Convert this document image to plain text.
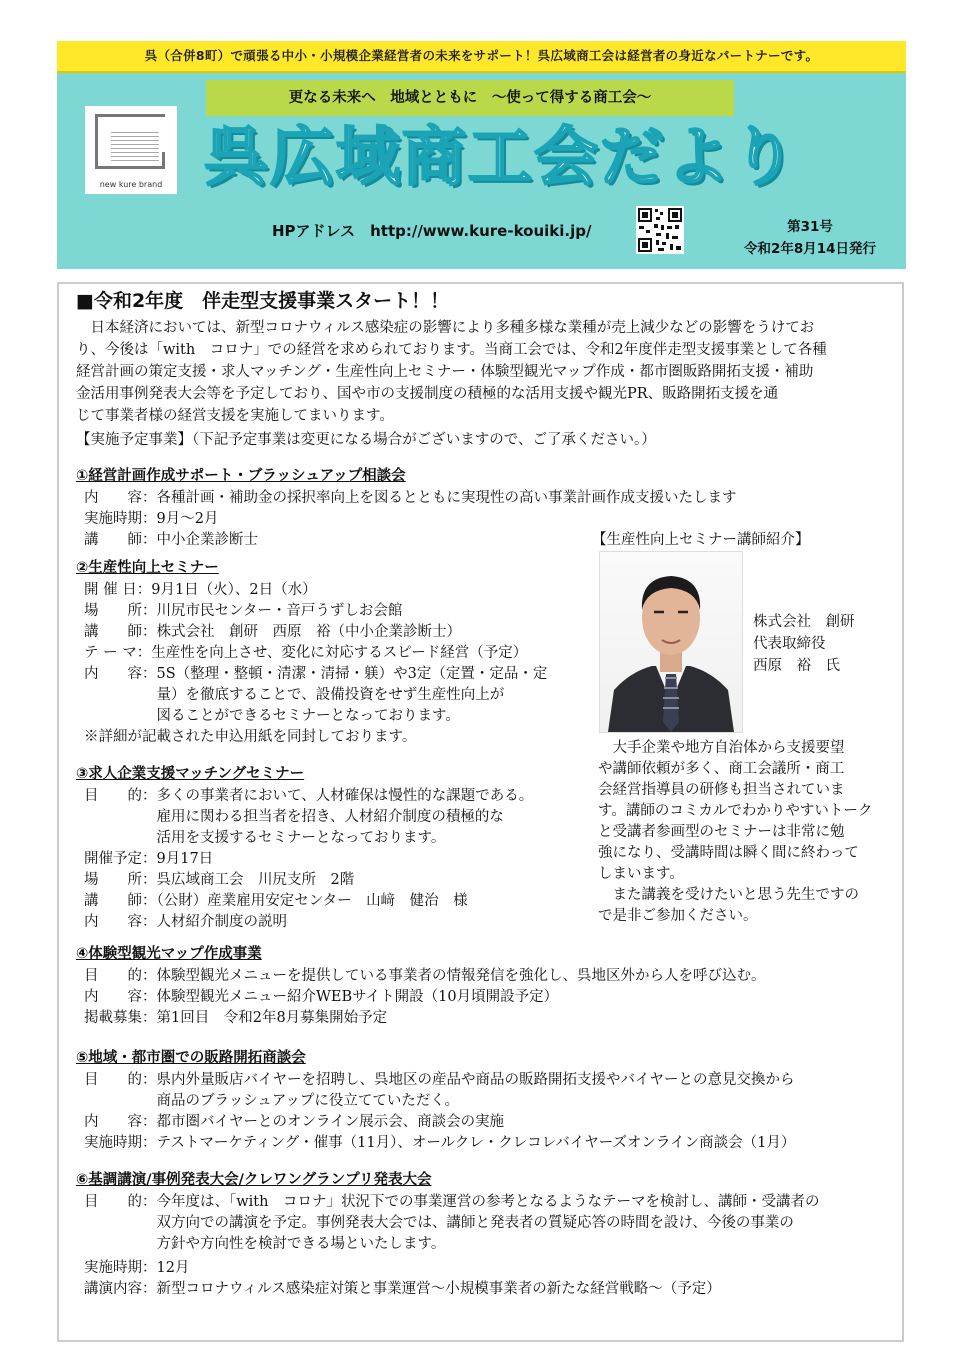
呉（合併8町）で頑張る中小・小規模企業経営者の未来をサポート！呉広域商工会は経営者の身近なパートナーです。
更なる未来へ　地域とともに　～使って得する商工会～
new kure brand 呉広域商工会だより
HPアドレス　http://www.kure-kouiki.jp/	第31号
令和2年8月14日発行
■令和2年度　伴走型支援事業スタート！！
　日本経済においては、新型コロナウィルス感染症の影響により多種多様な業種が売上減少などの影響をうけてお
り、今後は「with　コロナ」での経営を求められております。当商工会では、令和2年度伴走型支援事業として各種
経営計画の策定支援・求人マッチング・生産性向上セミナー・体験型観光マップ作成・都市圏販路開拓支援・補助
金活用事例発表大会等を予定しており、国や市の支援制度の積極的な活用支援や観光PR、販路開拓支援を通
じて事業者様の経営支援を実施してまいります。
【実施予定事業】（下記予定事業は変更になる場合がございますので、ご了承ください。）
①経営計画作成サポート・ブラッシュアップ相談会
内　　容：各種計画・補助金の採択率向上を図るとともに実現性の高い事業計画作成支援いたします
実施時期：9月～2月
講　　師：中小企業診断士
②生産性向上セミナー
開 催 日：9月1日（火）、2日（水）
場　　所：川尻市民センター・音戸うずしお会館
講　　師：株式会社　創研　西原　裕（中小企業診断士）
テ ー マ：生産性を向上させ、変化に対応するスピード経営（予定）
内　　容：5S（整理・整頓・清潔・清掃・躾）や3定（定置・定品・定
　　　　　量）を徹底することで、設備投資をせず生産性向上が
　　　　　図ることができるセミナーとなっております。
※詳細が記載された申込用紙を同封しております。
③求人企業支援マッチングセミナー
目　　的：多くの事業者において、人材確保は慢性的な課題である。
　　　　　雇用に関わる担当者を招き、人材紹介制度の積極的な
　　　　　活用を支援するセミナーとなっております。
開催予定：9月17日
場　　所：呉広域商工会　川尻支所　2階
講　　師：（公財）産業雇用安定センター　山﨑　健治　様
内　　容：人材紹介制度の説明
④体験型観光マップ作成事業
目　　的：体験型観光メニューを提供している事業者の情報発信を強化し、呉地区外から人を呼び込む。
内　　容：体験型観光メニュー紹介WEBサイト開設（10月頃開設予定）
掲載募集：第1回目　令和2年8月募集開始予定
⑤地域・都市圏での販路開拓商談会
目　　的：県内外量販店バイヤーを招聘し、呉地区の産品や商品の販路開拓支援やバイヤーとの意見交換から
　　　　　商品のブラッシュアップに役立てていただく。
内　　容：都市圏バイヤーとのオンライン展示会、商談会の実施
実施時期：テストマーケティング・催事（11月）、オールクレ・クレコレバイヤーズオンライン商談会（1月）
⑥基調講演/事例発表大会/クレワングランプリ発表大会
目　　的：今年度は、「with　コロナ」状況下での事業運営の参考となるようなテーマを検討し、講師・受講者の
　　　　　双方向での講演を予定。事例発表大会では、講師と発表者の質疑応答の時間を設け、今後の事業の
　　　　　方針や方向性を検討できる場といたします。
実施時期：12月
講演内容：新型コロナウィルス感染症対策と事業運営～小規模事業者の新たな経営戦略～（予定）
【生産性向上セミナー講師紹介】
株式会社　創研
代表取締役
西原　裕　氏
　大手企業や地方自治体から支援要望
や講師依頼が多く、商工会議所・商工
会経営指導員の研修も担当されていま
す。講師のコミカルでわかりやすいトーク
と受講者参画型のセミナーは非常に勉
強になり、受講時間は瞬く間に終わって
しまいます。
　また講義を受けたいと思う先生ですの
で是非ご参加ください。
